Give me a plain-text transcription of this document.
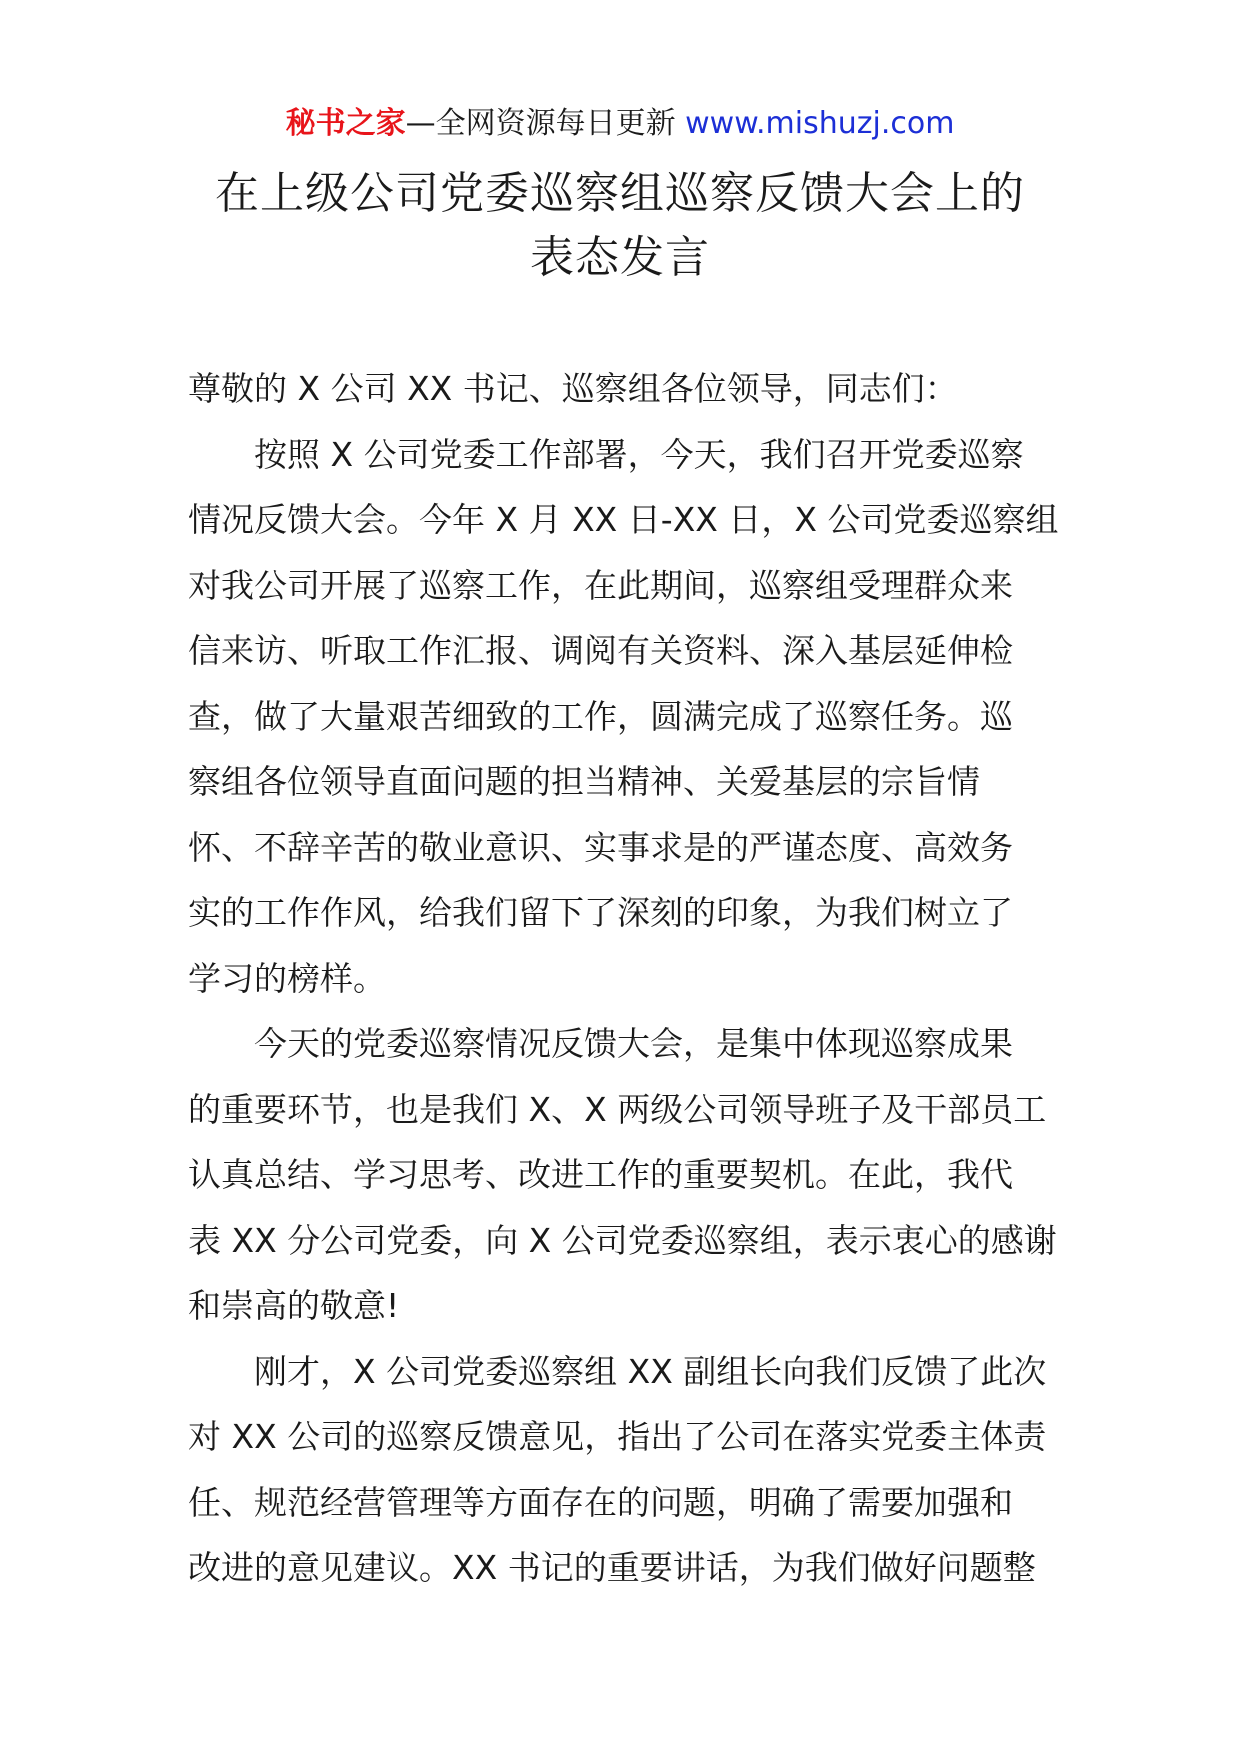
秘书之家—全网资源每日更新 www.mishuzj.com
在上级公司党委巡察组巡察反馈大会上的
表态发言
尊敬的 X 公司 XX 书记、巡察组各位领导，同志们：
按照 X 公司党委工作部署，今天，我们召开党委巡察
情况反馈大会。今年 X 月 XX 日-XX 日，X 公司党委巡察组
对我公司开展了巡察工作，在此期间，巡察组受理群众来
信来访、听取工作汇报、调阅有关资料、深入基层延伸检
查，做了大量艰苦细致的工作，圆满完成了巡察任务。巡
察组各位领导直面问题的担当精神、关爱基层的宗旨情
怀、不辞辛苦的敬业意识、实事求是的严谨态度、高效务
实的工作作风，给我们留下了深刻的印象，为我们树立了
学习的榜样。
今天的党委巡察情况反馈大会，是集中体现巡察成果
的重要环节，也是我们 X、X 两级公司领导班子及干部员工
认真总结、学习思考、改进工作的重要契机。在此，我代
表 XX 分公司党委，向 X 公司党委巡察组，表示衷心的感谢
和崇高的敬意!
刚才，X 公司党委巡察组 XX 副组长向我们反馈了此次
对 XX 公司的巡察反馈意见，指出了公司在落实党委主体责
任、规范经营管理等方面存在的问题，明确了需要加强和
改进的意见建议。XX 书记的重要讲话，为我们做好问题整
